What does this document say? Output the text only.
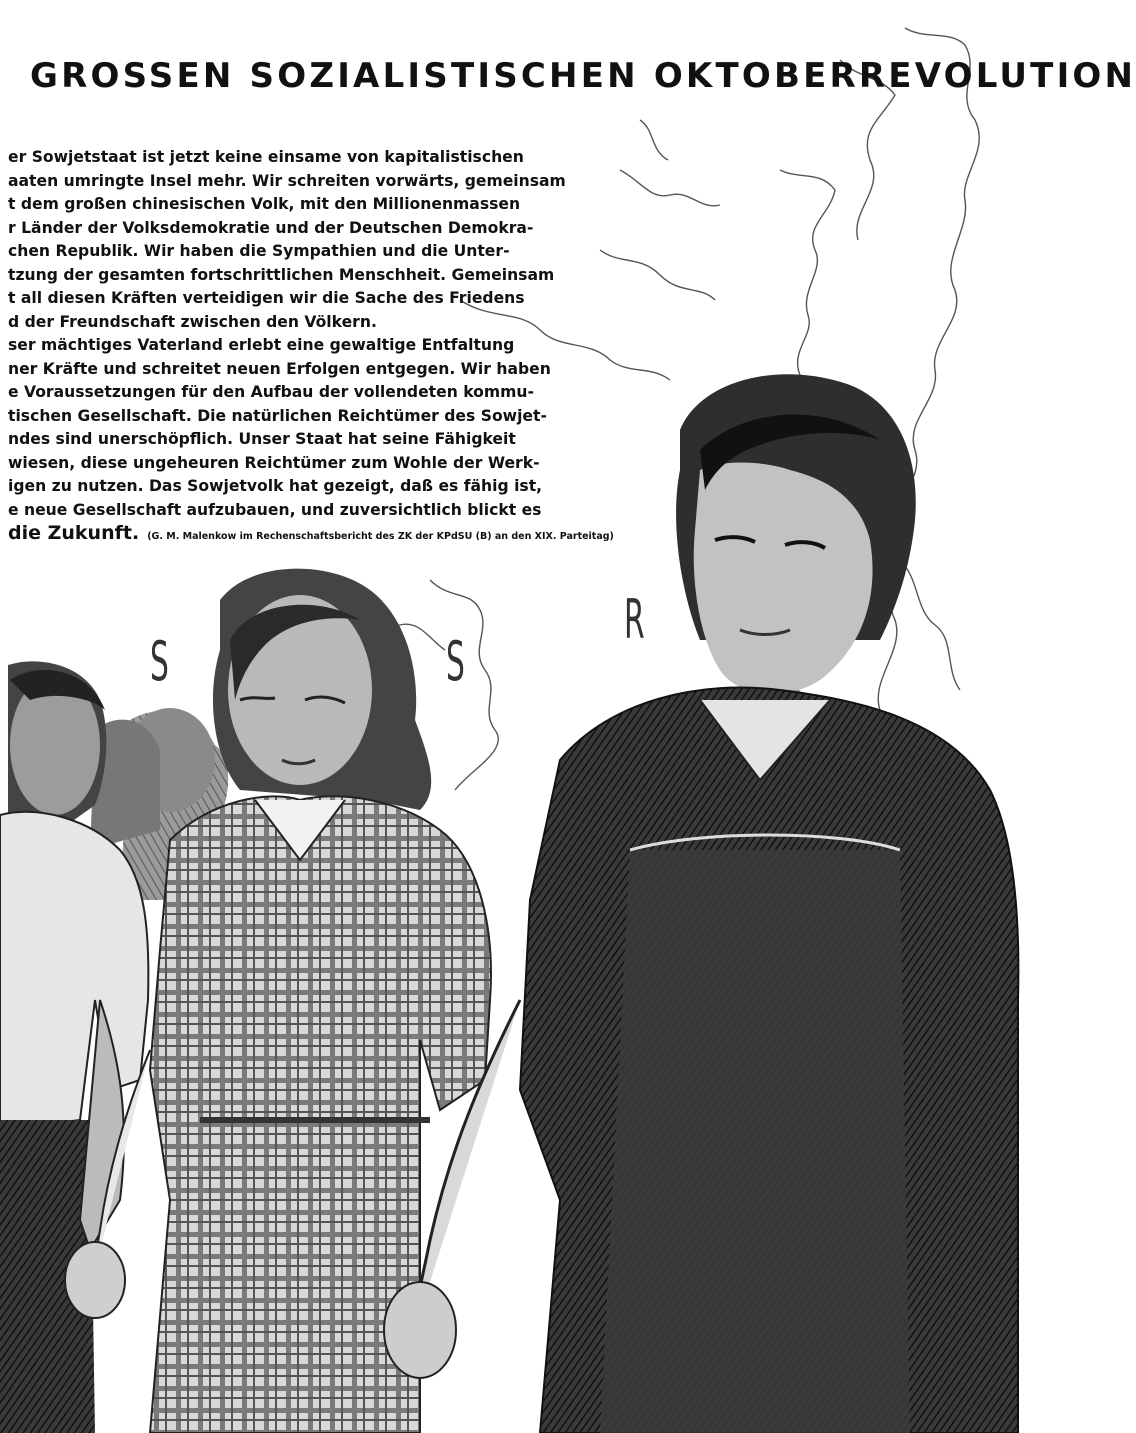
GROSSEN SOZIALISTISCHEN OKTOBERREVOLUTION
er Sowjetstaat ist jetzt keine einsame von kapitalistischen
aaten umringte Insel mehr. Wir schreiten vorwärts, gemeinsam
t dem großen chinesischen Volk, mit den Millionenmassen
r Länder der Volksdemokratie und der Deutschen Demokra-
chen Republik. Wir haben die Sympathien und die Unter-
tzung der gesamten fortschrittlichen Menschheit. Gemeinsam
t all diesen Kräften verteidigen wir die Sache des Friedens
d der Freundschaft zwischen den Völkern.
ser mächtiges Vaterland erlebt eine gewaltige Entfaltung
ner Kräfte und schreitet neuen Erfolgen entgegen. Wir haben
e Voraussetzungen für den Aufbau der vollendeten kommu-
tischen Gesellschaft. Die natürlichen Reichtümer des Sowjet-
ndes sind unerschöpflich. Unser Staat hat seine Fähigkeit
wiesen, diese ungeheuren Reichtümer zum Wohle der Werk-
igen zu nutzen. Das Sowjetvolk hat gezeigt, daß es fähig ist,
e neue Gesellschaft aufzubauen, und zuversichtlich blickt es
die Zukunft. (G. M. Malenkow im Rechenschaftsbericht des ZK der KPdSU (B) an den XIX. Parteitag)
S	S
R
